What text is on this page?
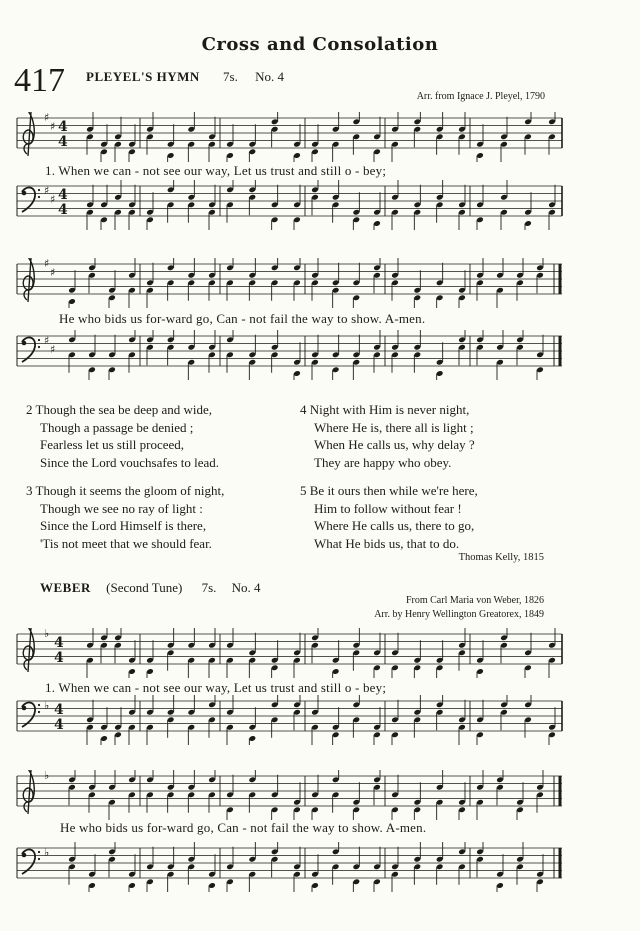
Cross and Consolation
417 PLEYEL'S HYMN 7s. No. 4
Arr. from Ignace J. Pleyel, 1790
♯
♯ 4
4
1. When we can - not see our way, Let us trust and still o - bey;
♯
♯ 4
4
♯
♯
He who bids us for-ward go, Can - not fail the way to show. A-men.
♯
♯
2 Though the sea be deep and wide,
Though a passage be denied ;
Fearless let us still proceed,
Since the Lord vouchsafes to lead.
3 Though it seems the gloom of night,
Though we see no ray of light :
Since the Lord Himself is there,
'Tis not meet that we should fear.
4 Night with Him is never night,
Where He is, there all is light ;
When He calls us, why delay ?
They are happy who obey.
5 Be it ours then while we're here,
Him to follow without fear !
Where He calls us, there to go,
What He bids us, that to do.
Thomas Kelly, 1815
WEBER (Second Tune) 7s. No. 4
From Carl Maria von Weber, 1826
Arr. by Henry Wellington Greatorex, 1849
♭
4
4
1. When we can - not see our way, Let us trust and still o - bey;
♭ 4
4
♭
He who bids us for-ward go, Can - not fail the way to show. A-men.
♭
